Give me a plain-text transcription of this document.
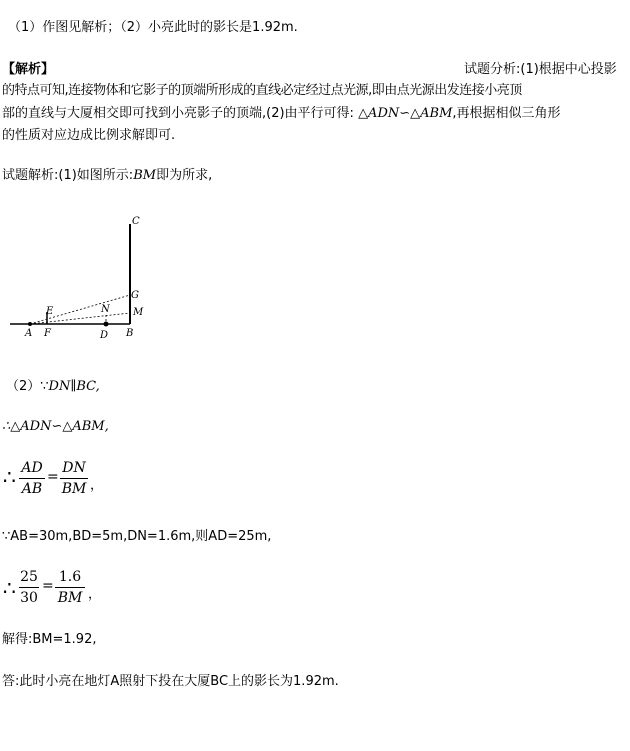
（1）作图见解析；（2）小亮此时的影长是1.92m.
【解析】	试题分析:(1)根据中心投影
的特点可知,连接物体和它影子的顶端所形成的直线必定经过点光源,即由点光源出发连接小亮顶
部的直线与大厦相交即可找到小亮影子的顶端,(2)由平行可得: △ADN∽△ABM,再根据相似三角形
的性质对应边成比例求解即可.
试题解析:(1)如图所示:BM即为所求,
C
G
M
N
E
A F	D B
（2）∵DN∥BC,
∴△ADN∽△ABM,
∴ AD
AB
=
DN
BM ，
∵AB=30m,BD=5m,DN=1.6m,则AD=25m,
∴ 25
30
=
1.6
BM ，
解得:BM=1.92,
答:此时小亮在地灯A照射下投在大厦BC上的影长为1.92m.
